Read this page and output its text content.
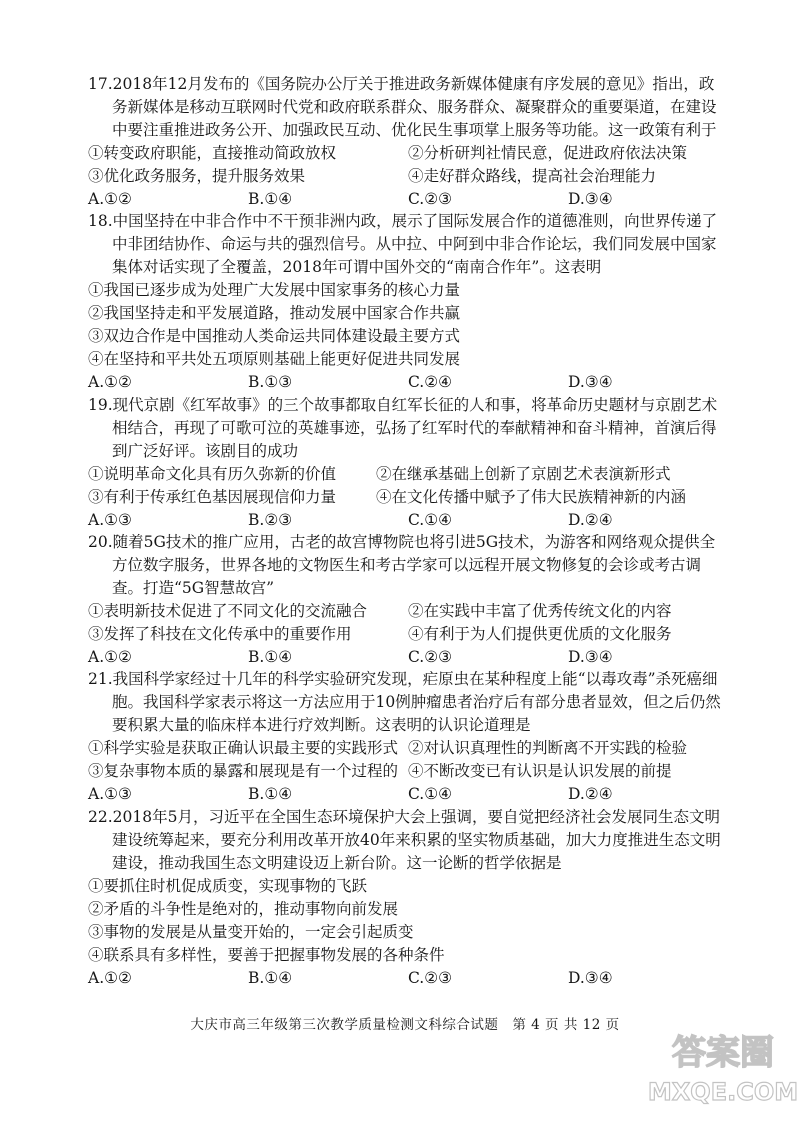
17.2018年12月发布的《国务院办公厅关于推进政务新媒体健康有序发展的意见》指出，政务新媒体是移动互联网时代党和政府联系群众、服务群众、凝聚群众的重要渠道，在建设中要注重推进政务公开、加强政民互动、优化民生事项掌上服务等功能。这一政策有利于

①转变政府职能，直接推动简政放权	②分析研判社情民意，促进政府依法决策
③优化政务服务，提升服务效果	④走好群众路线，提高社会治理能力
A.①②	B.①④	C.②③	D.③④

18.中国坚持在中非合作中不干预非洲内政，展示了国际发展合作的道德准则，向世界传递了中非团结协作、命运与共的强烈信号。从中拉、中阿到中非合作论坛，我们同发展中国家集体对话实现了全覆盖，2018年可谓中国外交的“南南合作年”。这表明

①我国已逐步成为处理广大发展中国家事务的核心力量
②我国坚持走和平发展道路，推动发展中国家合作共赢
③双边合作是中国推动人类命运共同体建设最主要方式
④在坚持和平共处五项原则基础上能更好促进共同发展
A.①②	B.①③	C.②④	D.③④

19.现代京剧《红军故事》的三个故事都取自红军长征的人和事，将革命历史题材与京剧艺术相结合，再现了可歌可泣的英雄事迹，弘扬了红军时代的奉献精神和奋斗精神，首演后得到广泛好评。该剧目的成功

①说明革命文化具有历久弥新的价值	②在继承基础上创新了京剧艺术表演新形式
③有利于传承红色基因展现信仰力量	④在文化传播中赋予了伟大民族精神新的内涵
A.①③	B.②③	C.①④	D.②④

20.随着5G技术的推广应用，古老的故宫博物院也将引进5G技术，为游客和网络观众提供全方位数字服务，世界各地的文物医生和考古学家可以远程开展文物修复的会诊或考古调查。打造“5G智慧故宫”

①表明新技术促进了不同文化的交流融合	②在实践中丰富了优秀传统文化的内容
③发挥了科技在文化传承中的重要作用	④有利于为人们提供更优质的文化服务
A.①②	B.①④	C.②③	D.③④

21.我国科学家经过十几年的科学实验研究发现，疟原虫在某种程度上能“以毒攻毒”杀死癌细胞。我国科学家表示将这一方法应用于10例肿瘤患者治疗后有部分患者显效，但之后仍然要积累大量的临床样本进行疗效判断。这表明的认识论道理是

①科学实验是获取正确认识最主要的实践形式 ②对认识真理性的判断离不开实践的检验
③复杂事物本质的暴露和展现是有一个过程的 ④不断改变已有认识是认识发展的前提
A.①③	B.①④	C.①④	D.②④

22.2018年5月，习近平在全国生态环境保护大会上强调，要自觉把经济社会发展同生态文明建设统筹起来，要充分利用改革开放40年来积累的坚实物质基础，加大力度推进生态文明建设，推动我国生态文明建设迈上新台阶。这一论断的哲学依据是

①要抓住时机促成质变，实现事物的飞跃
②矛盾的斗争性是绝对的，推动事物向前发展
③事物的发展是从量变开始的，一定会引起质变
④联系具有多样性，要善于把握事物发展的各种条件
A.①②	B.①④	C.②③	D.③④
大庆市高三年级第三次教学质量检测文科综合试题　第 4 页 共 12 页
答案圈
MXQE.COM
